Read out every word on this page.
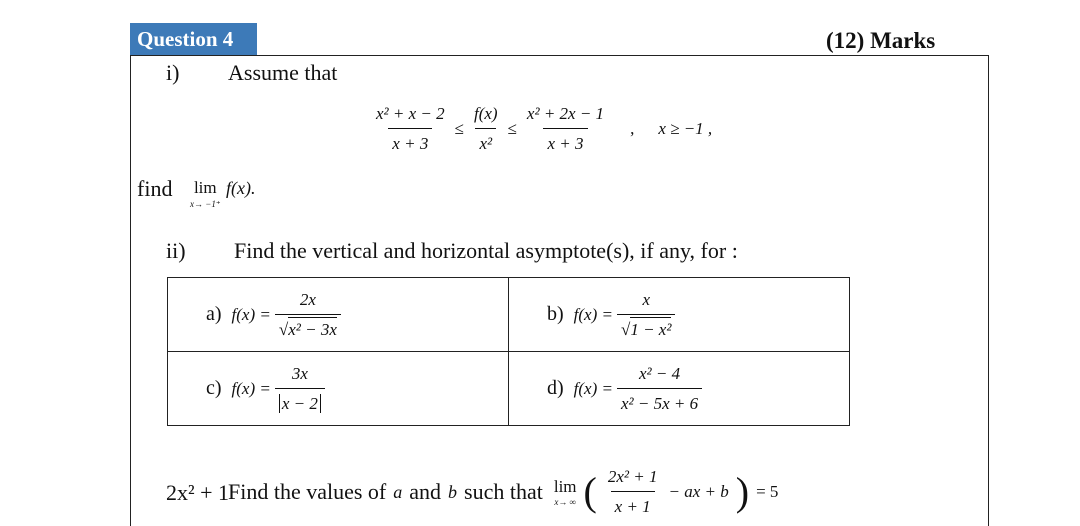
Question 4	(12) Marks
i) Assume that
$\frac{\text{x² + x − 2}}{x + 3} \le \frac{f(x)}{\text{x²}} \le \frac{\text{x² + 2x − 1}}{x + 3}$ , x ≥ −1 ,
find lim
x→ −1⁺
f(x).
ii) Find the vertical and horizontal asymptote(s), if any, for :
a) $f(x) = \frac{2x}{\text{√x² − 3x}}$	b) $f(x) = \frac{x}{\text{√1 − x²}}$

c) $f(x) = \frac{3x}{x - 2}$	d) $f(x) = \frac{\text{x² − 4}}{\text{x² − 5x + 6}}$
2x² + 1
Find the values of a and b such that lim
x→ ∞ ( $\frac{\text{2x² + 1}}{x + 1}$ − ax + b ) = 5
